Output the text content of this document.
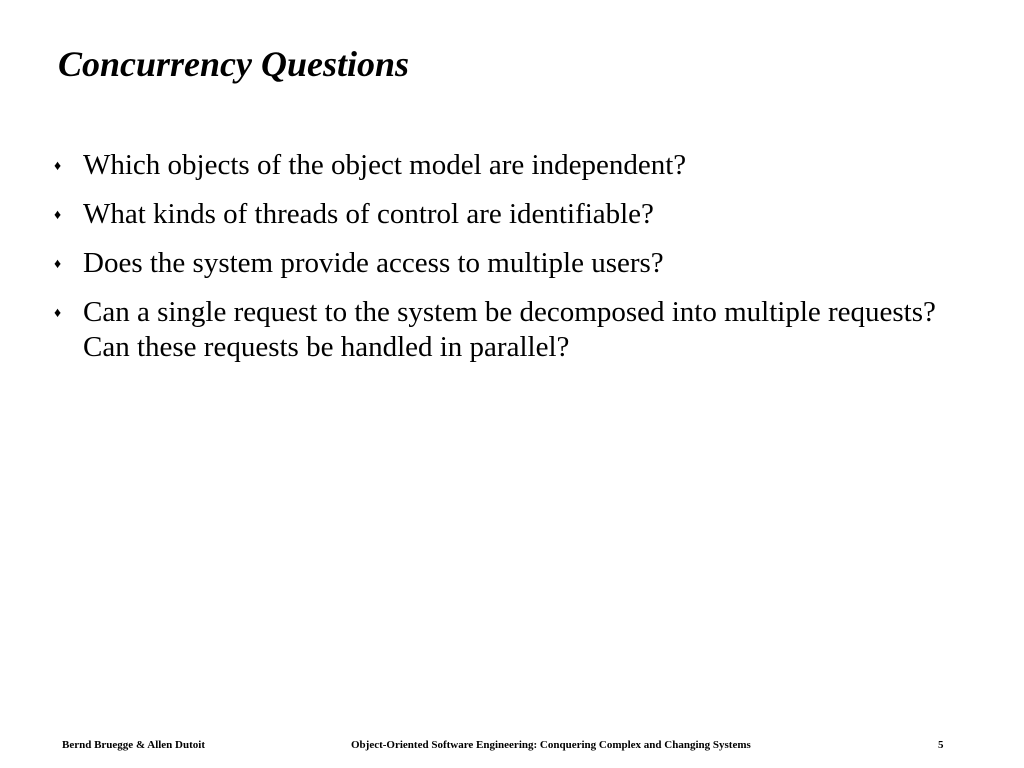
Concurrency Questions
♦ Which objects of the object model are independent?
♦ What kinds of threads of control are identifiable?
♦ Does the system provide access to multiple users?
♦ Can a single request to the system be decomposed into multiple requests? Can these requests be handled in parallel?
Bernd Bruegge & Allen Dutoit	Object-Oriented Software Engineering: Conquering Complex and Changing Systems	5
